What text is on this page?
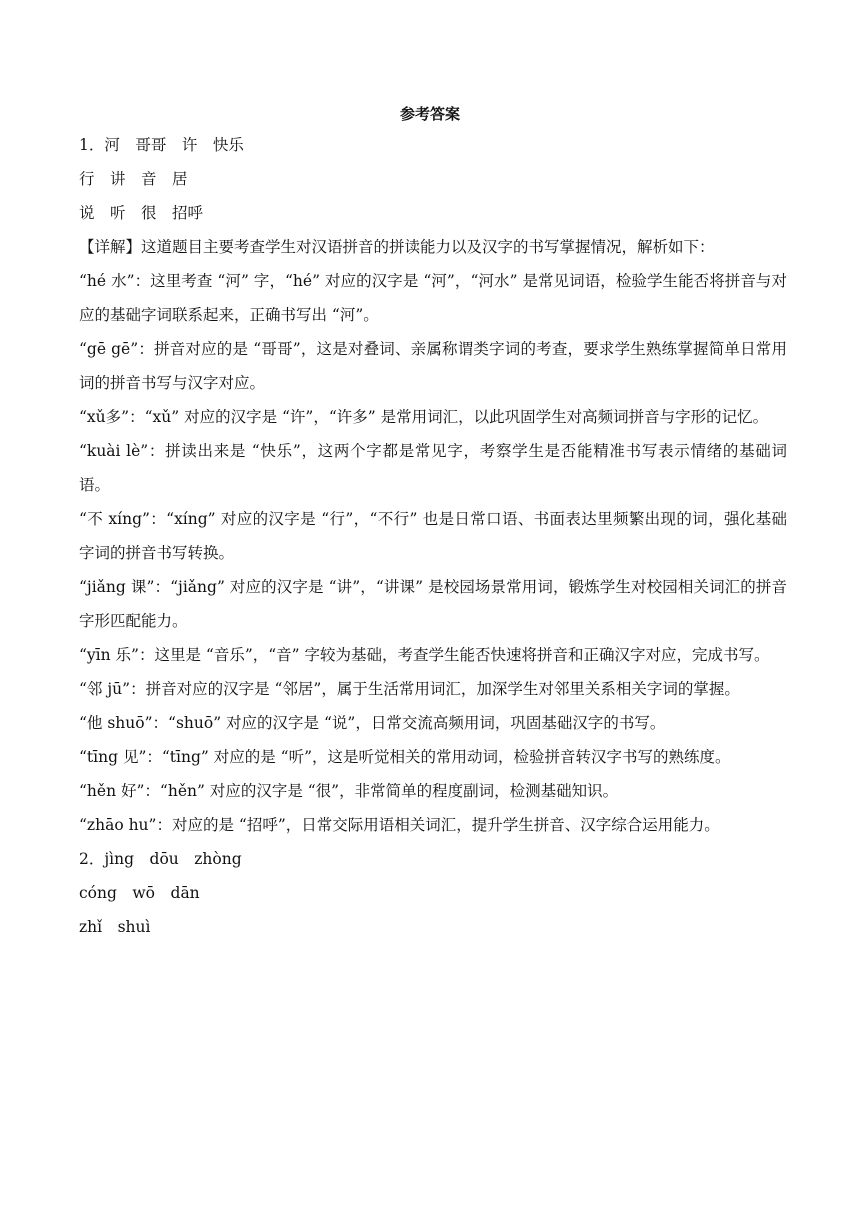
参考答案

1．河　哥哥　许　快乐

行　讲　音　居

说　听　很　招呼

【详解】这道题目主要考查学生对汉语拼音的拼读能力以及汉字的书写掌握情况，解析如下：

“hé 水”：这里考查 “河” 字，“hé” 对应的汉字是 “河”，“河水” 是常见词语，检验学生能否将拼音与对应的基础字词联系起来，正确书写出 “河”。

“gē gē”：拼音对应的是 “哥哥”，这是对叠词、亲属称谓类字词的考查，要求学生熟练掌握简单日常用词的拼音书写与汉字对应。

“xǔ多”：“xǔ” 对应的汉字是 “许”，“许多” 是常用词汇，以此巩固学生对高频词拼音与字形的记忆。

“kuài lè”：拼读出来是 “快乐”，这两个字都是常见字，考察学生是否能精准书写表示情绪的基础词语。

“不 xíng”：“xíng” 对应的汉字是 “行”，“不行” 也是日常口语、书面表达里频繁出现的词，强化基础字词的拼音书写转换。

“jiǎng 课”：“jiǎng” 对应的汉字是 “讲”，“讲课” 是校园场景常用词，锻炼学生对校园相关词汇的拼音字形匹配能力。

“yīn 乐”：这里是 “音乐”，“音” 字较为基础，考查学生能否快速将拼音和正确汉字对应，完成书写。

“邻 jū”：拼音对应的汉字是 “邻居”，属于生活常用词汇，加深学生对邻里关系相关字词的掌握。

“他 shuō”：“shuō” 对应的汉字是 “说”，日常交流高频用词，巩固基础汉字的书写。

“tīng 见”：“tīng” 对应的是 “听”，这是听觉相关的常用动词，检验拼音转汉字书写的熟练度。

“hěn 好”：“hěn” 对应的汉字是 “很”，非常简单的程度副词，检测基础知识。

“zhāo hu”：对应的是 “招呼”，日常交际用语相关词汇，提升学生拼音、汉字综合运用能力。

2．jìng　dōu　zhòng

cóng　wō　dān

zhǐ　shuì
